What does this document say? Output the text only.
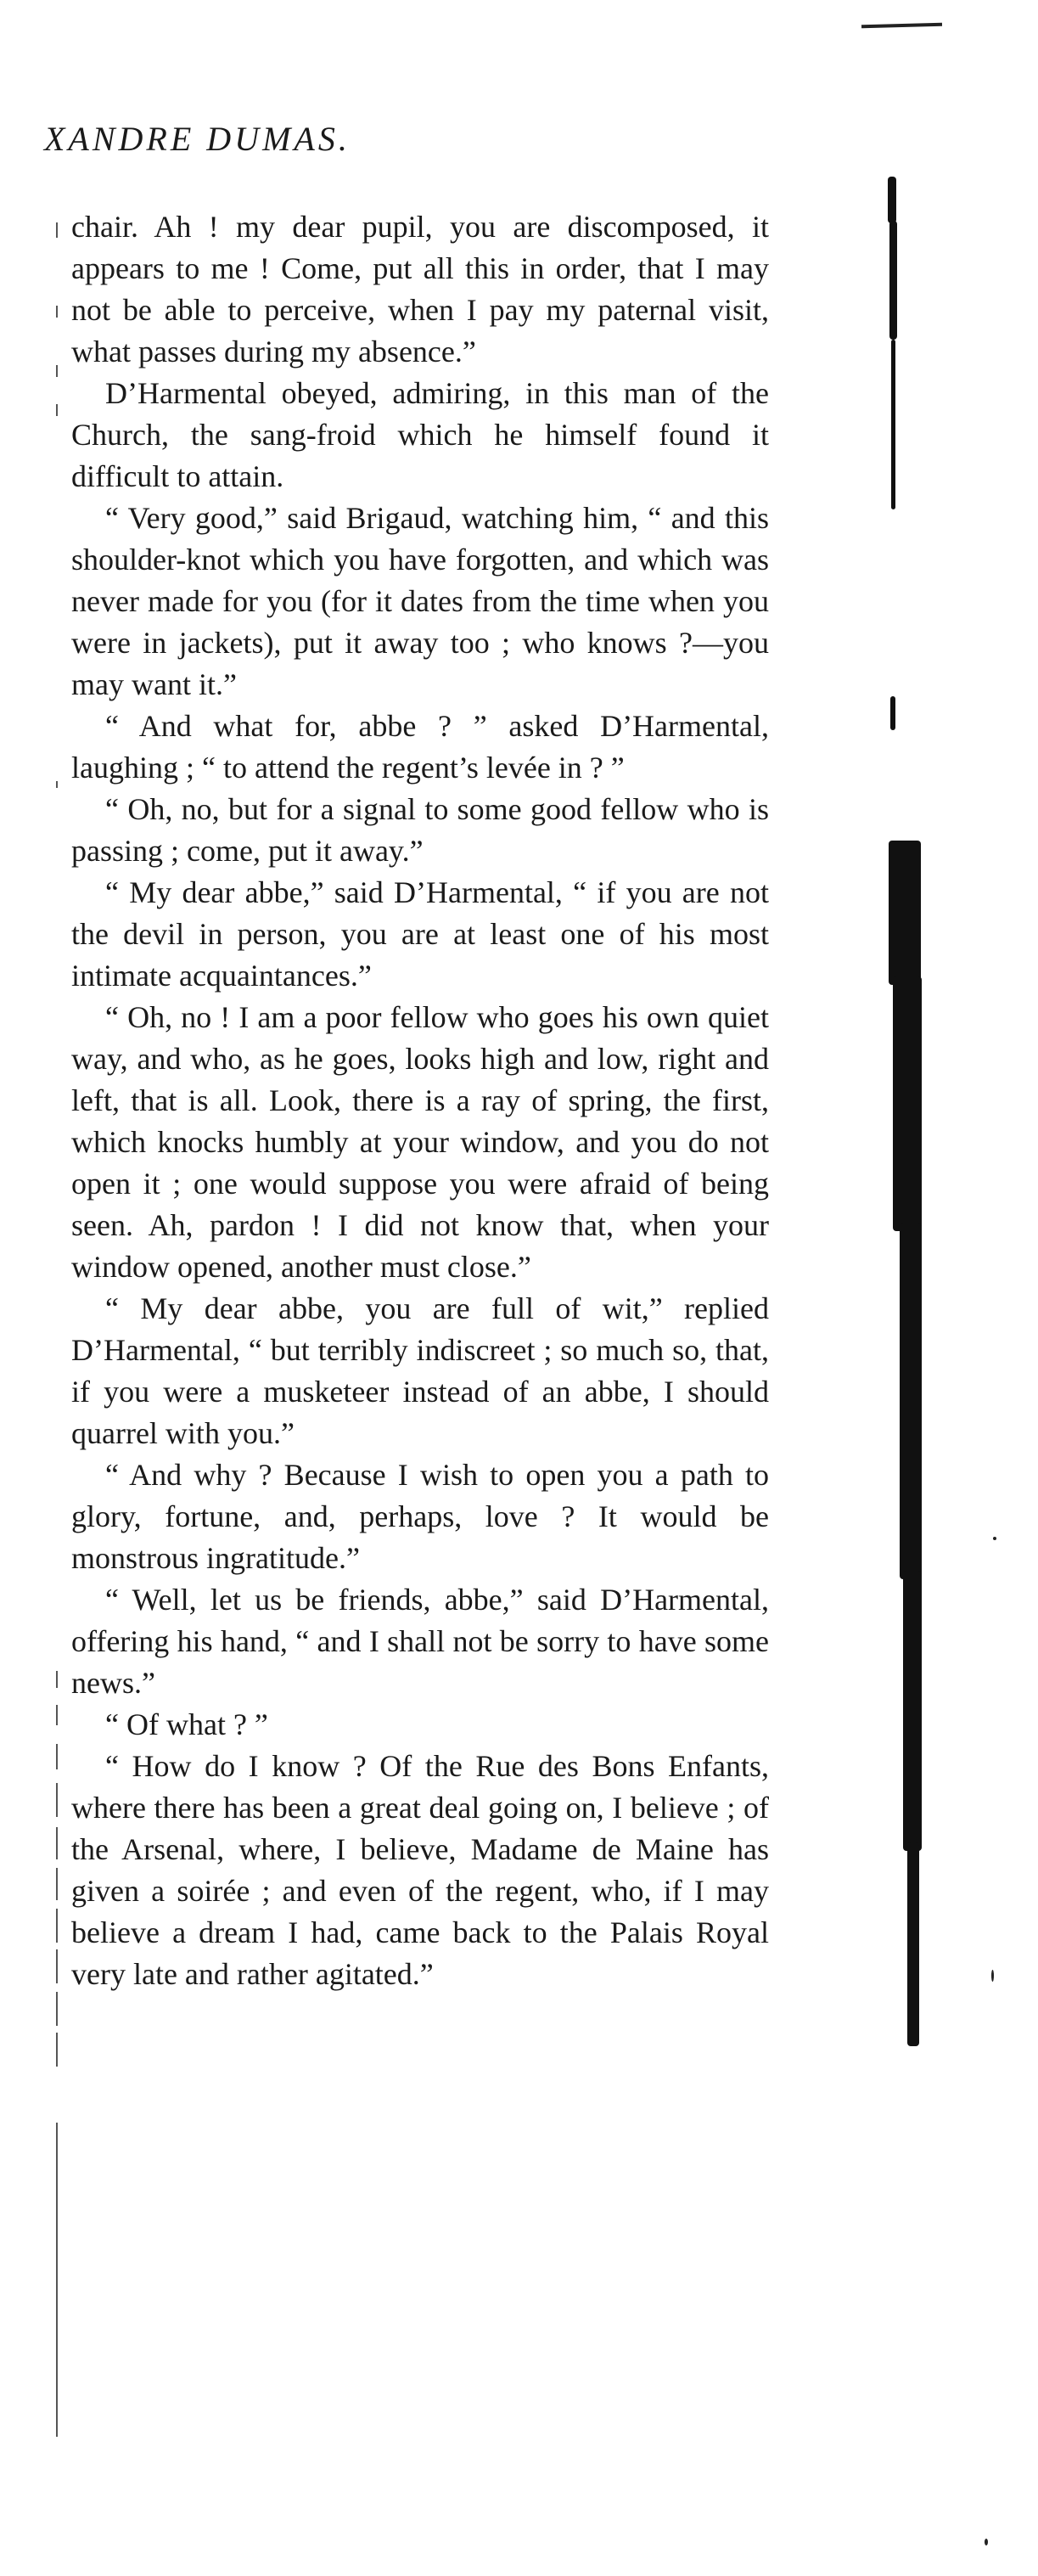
XANDRE DUMAS.

chair. Ah ! my dear pupil, you are discomposed, it appears to me ! Come, put all this in order, that I may not be able to perceive, when I pay my paternal visit, what passes during my absence.”

D’Harmental obeyed, admiring, in this man of the Church, the sang-froid which he himself found it difficult to attain.

“ Very good,” said Brigaud, watching him, “ and this shoulder-knot which you have forgotten, and which was never made for you (for it dates from the time when you were in jackets), put it away too ; who knows ?—you may want it.”

“ And what for, abbe ? ” asked D’Harmental, laughing ; “ to attend the regent’s levée in ? ”

“ Oh, no, but for a signal to some good fellow who is passing ; come, put it away.”

“ My dear abbe,” said D’Harmental, “ if you are not the devil in person, you are at least one of his most intimate acquaintances.”

“ Oh, no ! I am a poor fellow who goes his own quiet way, and who, as he goes, looks high and low, right and left, that is all. Look, there is a ray of spring, the first, which knocks humbly at your window, and you do not open it ; one would suppose you were afraid of being seen. Ah, pardon ! I did not know that, when your window opened, another must close.”

“ My dear abbe, you are full of wit,” replied D’Harmental, “ but terribly indiscreet ; so much so, that, if you were a musketeer instead of an abbe, I should quarrel with you.”

“ And why ? Because I wish to open you a path to glory, fortune, and, perhaps, love ? It would be monstrous ingratitude.”

“ Well, let us be friends, abbe,” said D’Harmental, offering his hand, “ and I shall not be sorry to have some news.”

“ Of what ? ”

“ How do I know ? Of the Rue des Bons Enfants, where there has been a great deal going on, I believe ; of the Arsenal, where, I believe, Madame de Maine has given a soirée ; and even of the regent, who, if I may believe a dream I had, came back to the Palais Royal very late and rather agitated.”
